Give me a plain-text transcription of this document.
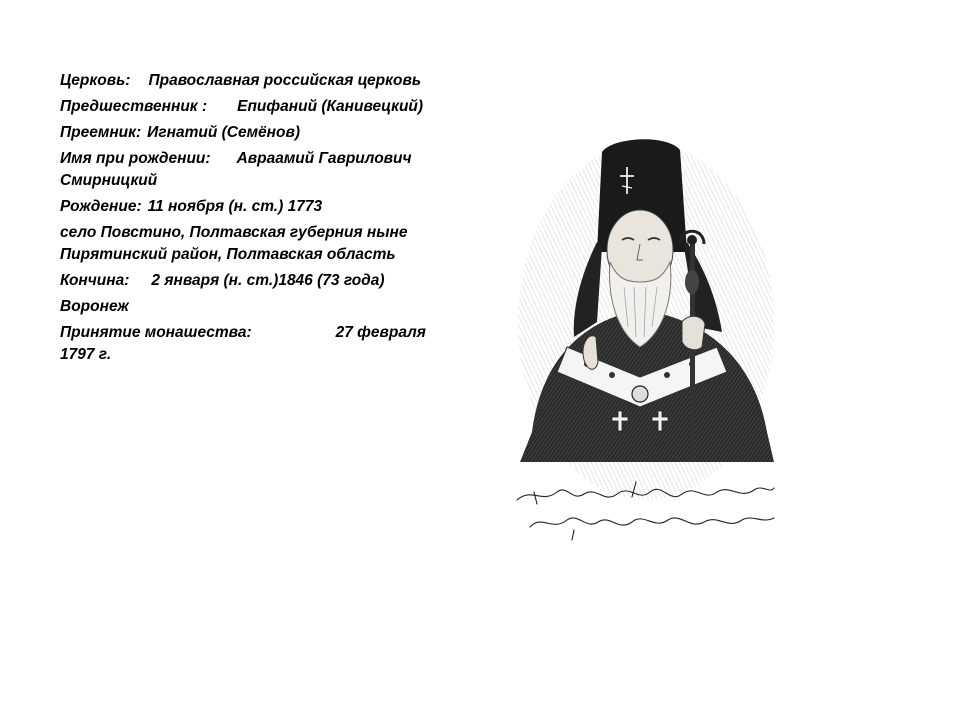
Церковь: Православная российская церковь

Предшественник : Епифаний (Канивецкий)

Преемник: Игнатий (Семёнов)

Имя при рождении: Авраамий Гаврилович Смирницкий

Рождение: 11 ноября (н. ст.) 1773

село Повстино, Полтавская губерния ныне Пирятинский район, Полтавская область

Кончина: 2 января (н. ст.)1846 (73 года)

Воронеж

Принятие монашества:	27 февраля 1797 г.
